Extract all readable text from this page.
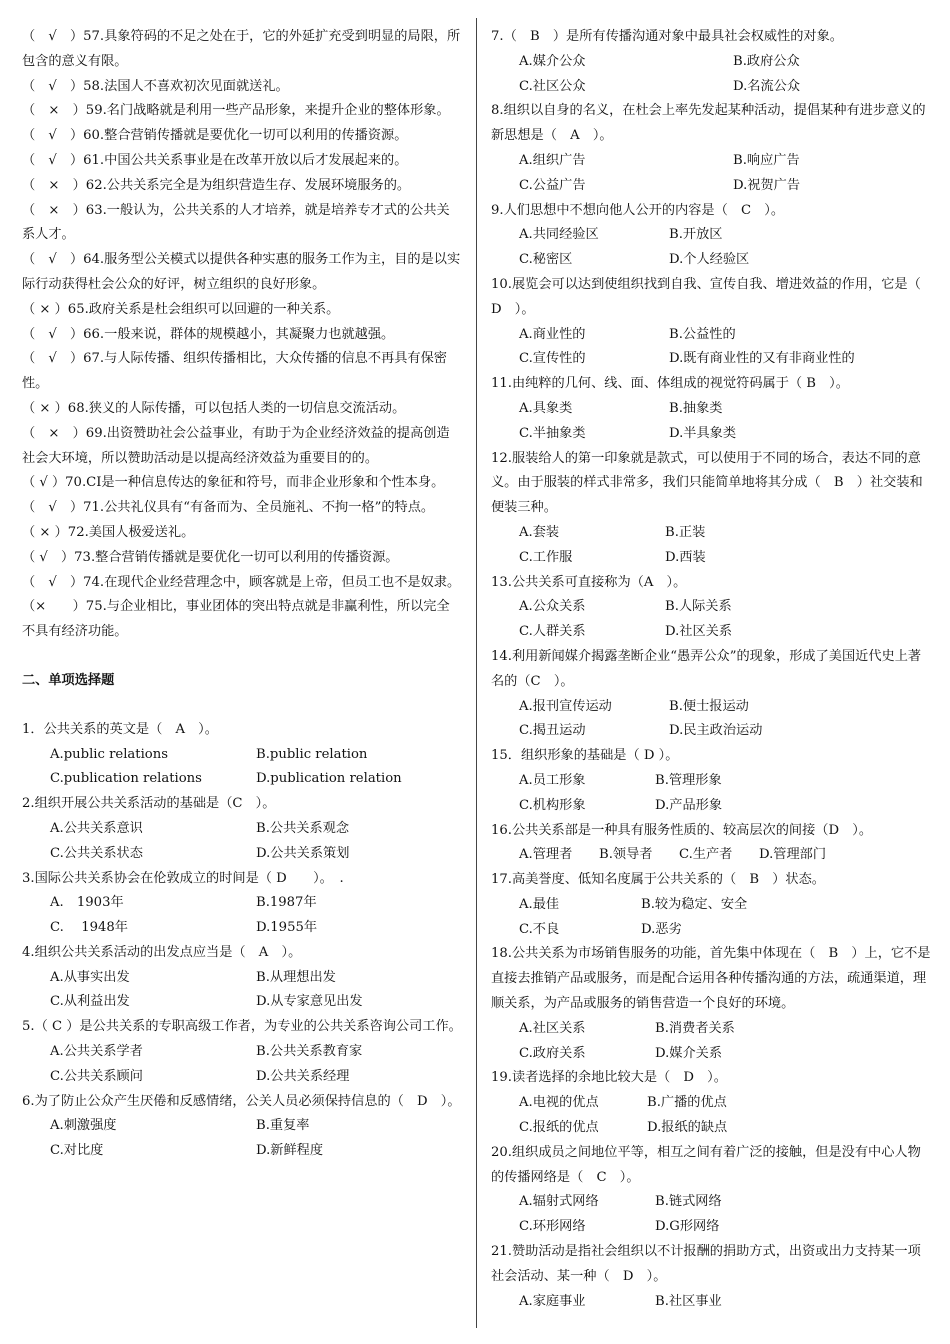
（　√　）57.具象符码的不足之处在于，它的外延扩充受到明显的局限，所包含的意义有限。
（　√　）58.法国人不喜欢初次见面就送礼。
（　×　）59.名门战略就是利用一些产品形象，来提升企业的整体形象。
（　√　）60.整合营销传播就是要优化一切可以利用的传播资源。
（　√　）61.中国公共关系事业是在改革开放以后才发展起来的。
（　×　）62.公共关系完全是为组织营造生存、发展环境服务的。
（　×　）63.一般认为，公共关系的人才培养，就是培养专才式的公共关系人才。
（　√　）64.服务型公关模式以提供各种实惠的服务工作为主，目的是以实际行动获得杜会公众的好评，树立组织的良好形象。
（ × ）65.政府关系是杜会组织可以回避的一种关系。
（　√　）66.一般来说，群体的规模越小，其凝聚力也就越强。
（　√　）67.与人际传播、组织传播相比，大众传播的信息不再具有保密性。
（ × ）68.狭义的人际传播，可以包括人类的一切信息交流活动。
（　×　）69.出资赞助社会公益事业，有助于为企业经济效益的提高创造社会大环境，所以赞助活动是以提高经济效益为重要目的的。
（ √ ）70.CI是一种信息传达的象征和符号，而非企业形象和个性本身。
（　√　）71.公共礼仪具有“有备而为、全员施礼、不拘一格”的特点。
（ × ）72.美国人极爱送礼。
（ √　）73.整合营销传播就是要优化一切可以利用的传播资源。
（　√　）74.在现代企业经营理念中，顾客就是上帝，但员工也不是奴隶。
（×　　）75.与企业相比，事业团体的突出特点就是非赢利性，所以完全不具有经济功能。
二、单项选择题
1．公共关系的英文是（　A　）。
A.public relations	B.public relation
C.publication relations	D.publication relation
2.组织开展公共关系活动的基础是（C　）。
A.公共关系意识	B.公共关系观念
C.公共关系状态	D.公共关系策划
3.国际公共关系协会在伦敦成立的时间是（ D　　）。　.
A.　1903年	B.1987年
C.　 1948年	D.1955年
4.组织公共关系活动的出发点应当是（　A　）。
A.从事实出发	B.从理想出发
C.从利益出发	D.从专家意见出发
5.（ C ）是公共关系的专职高级工作者，为专业的公共关系咨询公司工作。
A.公共关系学者	B.公共关系教育家
C.公共关系顾问	D.公共关系经理
6.为了防止公众产生厌倦和反感情绪，公关人员必须保持信息的（　D　）。
A.刺激强度	B.重复率
C.对比度	D.新鲜程度
7.（　B　）是所有传播沟通对象中最具社会权威性的对象。
A.媒介公众	B.政府公众
C.社区公众	D.名流公众
8.组织以自身的名义，在杜会上率先发起某种活动，提倡某种有进步意义的新思想是（　A　）。
A.组织广告	B.响应广告
C.公益广告	D.祝贺广告
9.人们思想中不想向他人公开的内容是（　C　）。
A.共同经验区	B.开放区
C.秘密区	D.个人经验区
10.展览会可以达到使组织找到自我、宣传自我、增进效益的作用，它是（　D　）。
A.商业性的	B.公益性的
C.宣传性的	D.既有商业性的又有非商业性的
11.由纯粹的几何、线、面、体组成的视觉符码属于（ B　）。
A.具象类	B.抽象类
C.半抽象类	D.半具象类
12.服装给人的第一印象就是款式，可以使用于不同的场合，表达不同的意义。由于服装的样式非常多，我们只能简单地将其分成（　B　）社交装和便装三种。
A.套装	B.正装
C.工作服	D.西装
13.公共关系可直接称为（A　）。
A.公众关系	B.人际关系
C.人群关系	D.社区关系
14.利用新闻媒介揭露垄断企业“愚弄公众”的现象，形成了美国近代史上著名的（C　）。
A.报刊宣传运动	B.便士报运动
C.揭丑运动	D.民主政治运动
15．组织形象的基础是（ D ）。
A.员工形象	B.管理形象
C.机构形象	D.产品形象
16.公共关系部是一种具有服务性质的、较高层次的间接（D　）。
A.管理者	B.领导者	C.生产者	D.管理部门
17.高美誉度、低知名度属于公共关系的（　B　）状态。
A.最佳	B.较为稳定、安全
C.不良	D.恶劣
18.公共关系为市场销售服务的功能，首先集中体现在（　B　）上，它不是直接去推销产品或服务，而是配合运用各种传播沟通的方法，疏通渠道，理顺关系，为产品或服务的销售营造一个良好的环境。
A.社区关系	B.消费者关系
C.政府关系	D.媒介关系
19.读者选择的余地比较大是（　D　）。
A.电视的优点	B.广播的优点
C.报纸的优点	D.报纸的缺点
20.组织成员之间地位平等，相互之间有着广泛的接触，但是没有中心人物的传播网络是（　C　）。
A.辐射式网络	B.链式网络
C.环形网络	D.G形网络
21.赞助活动是指社会组织以不计报酬的捐助方式，出资或出力支持某一项社会活动、某一种（　D　）。
A.家庭事业	B.社区事业
